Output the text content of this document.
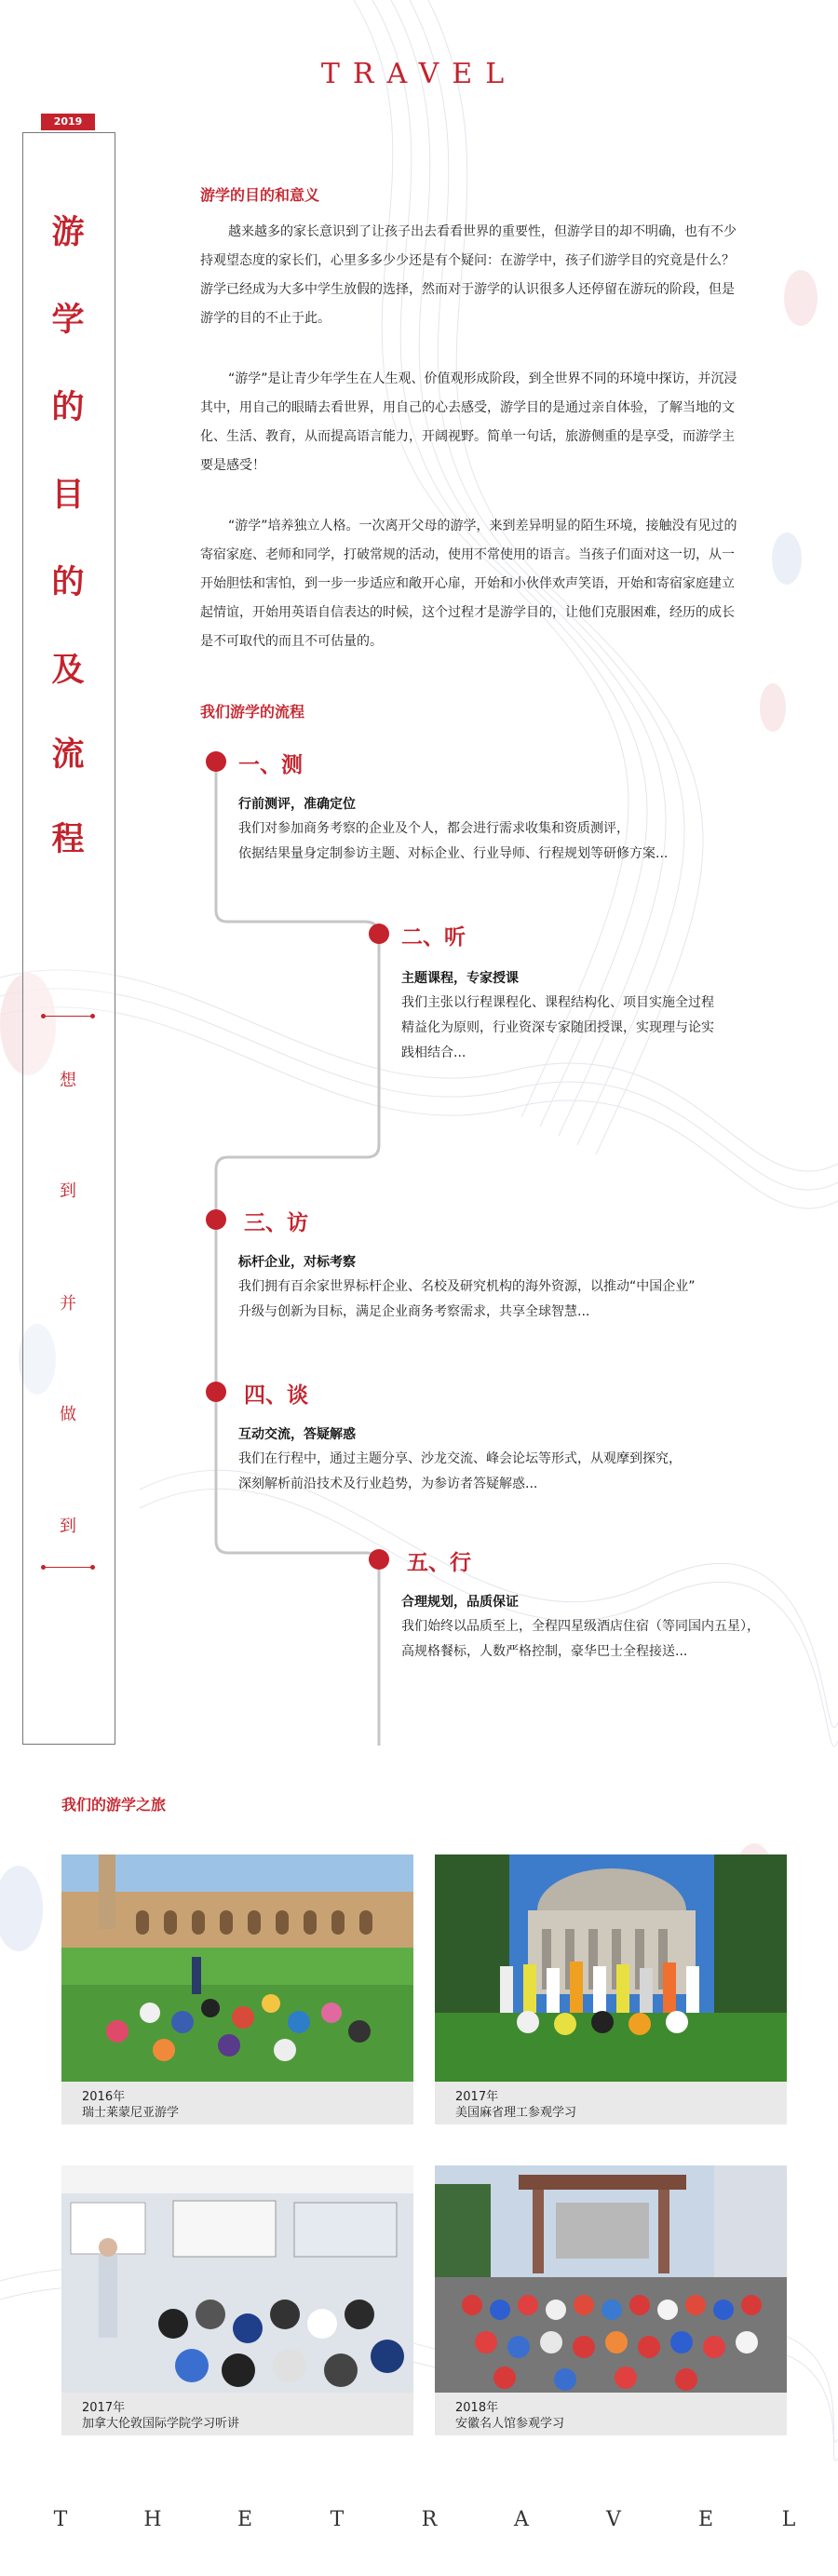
TRAVEL
2019
游
学
的
目
的
及
流
程
想
到
并
做
到
游学的目的和意义

越来越多的家长意识到了让孩子出去看看世界的重要性，但游学目的却不明确，也有不少持观望态度的家长们，心里多多少少还是有个疑问：在游学中，孩子们游学目的究竟是什么？游学已经成为大多中学生放假的选择，然而对于游学的认识很多人还停留在游玩的阶段，但是游学的目的不止于此。

“游学”是让青少年学生在人生观、价值观形成阶段，到全世界不同的环境中探访，并沉浸其中，用自己的眼睛去看世界，用自己的心去感受，游学目的是通过亲自体验，了解当地的文化、生活、教育，从而提高语言能力，开阔视野。简单一句话，旅游侧重的是享受，而游学主要是感受！

“游学”培养独立人格。一次离开父母的游学，来到差异明显的陌生环境，接触没有见过的寄宿家庭、老师和同学，打破常规的活动，使用不常使用的语言。当孩子们面对这一切，从一开始胆怯和害怕，到一步一步适应和敞开心扉，开始和小伙伴欢声笑语，开始和寄宿家庭建立起情谊，开始用英语自信表达的时候，这个过程才是游学目的，让他们克服困难，经历的成长是不可取代的而且不可估量的。

我们游学的流程
一、测
行前测评，准确定位
我们对参加商务考察的企业及个人，都会进行需求收集和资质测评，
依据结果量身定制参访主题、对标企业、行业导师、行程规划等研修方案...
二、听
主题课程，专家授课
我们主张以行程课程化、课程结构化、项目实施全过程
精益化为原则，行业资深专家随团授课，实现理与论实
践相结合...
三、访
标杆企业，对标考察
我们拥有百余家世界标杆企业、名校及研究机构的海外资源，以推动“中国企业”
升级与创新为目标，满足企业商务考察需求，共享全球智慧...
四、谈
互动交流，答疑解惑
我们在行程中，通过主题分享、沙龙交流、峰会论坛等形式，从观摩到探究，
深刻解析前沿技术及行业趋势，为参访者答疑解惑...
五、行
合理规划，品质保证
我们始终以品质至上，全程四星级酒店住宿（等同国内五星），
高规格餐标，人数严格控制，豪华巴士全程接送...
我们的游学之旅
2016年
瑞士莱蒙尼亚游学
2017年
美国麻省理工参观学习
2017年
加拿大伦敦国际学院学习听讲
2018年
安徽名人馆参观学习
T	H	E	T	R	A	V	E	L
